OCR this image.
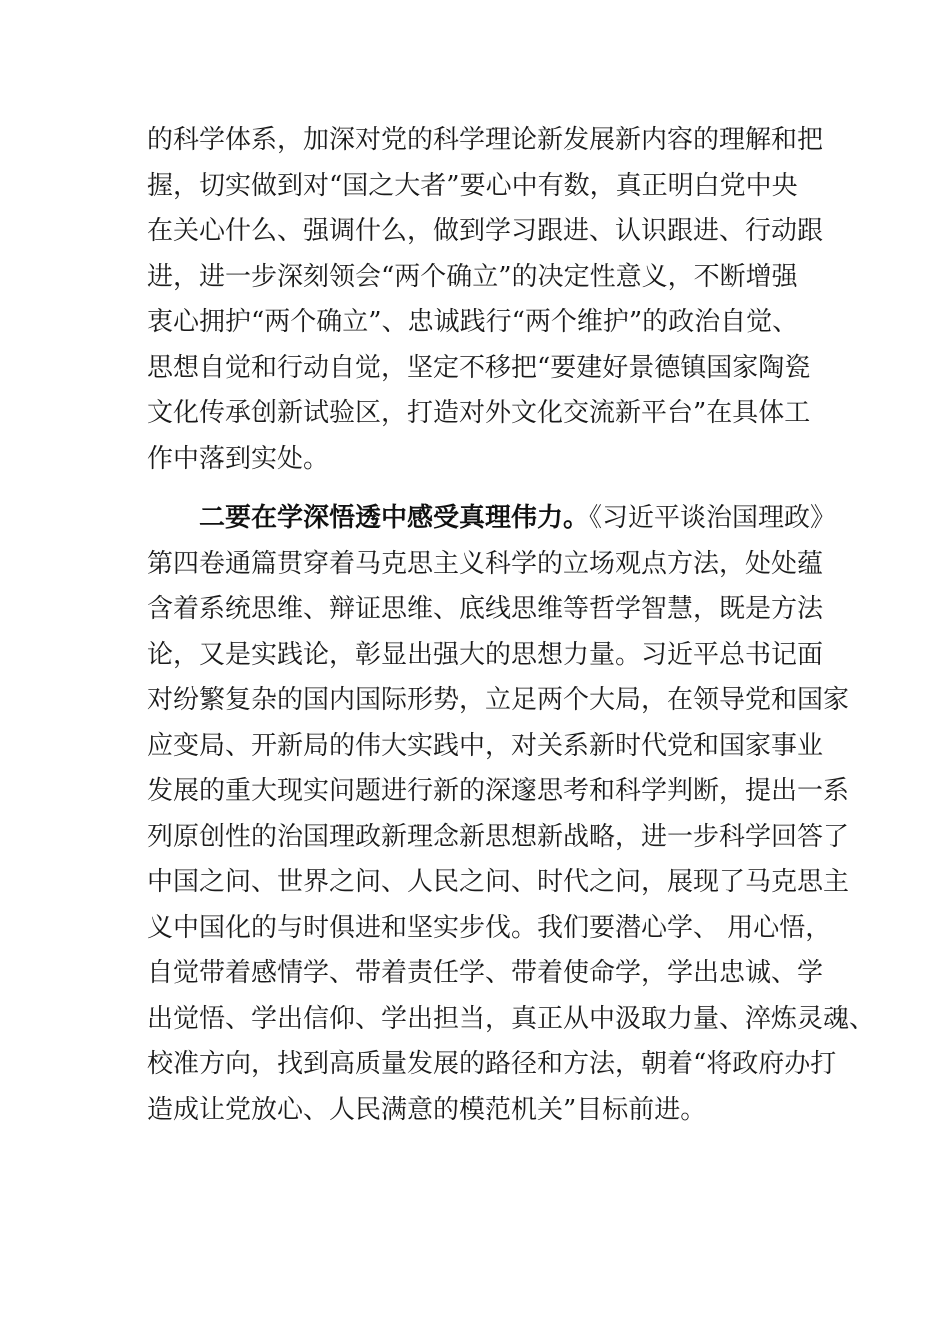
的科学体系，加深对党的科学理论新发展新内容的理解和把
握，切实做到对“国之大者”要心中有数，真正明白党中央
在关心什么、强调什么，做到学习跟进、认识跟进、行动跟
进，进一步深刻领会“两个确立”的决定性意义，不断增强
衷心拥护“两个确立”、忠诚践行“两个维护”的政治自觉、
思想自觉和行动自觉，坚定不移把“要建好景德镇国家陶瓷
文化传承创新试验区，打造对外文化交流新平台”在具体工
作中落到实处。
二要在学深悟透中感受真理伟力。《习近平谈治国理政》
第四卷通篇贯穿着马克思主义科学的立场观点方法，处处蕴
含着系统思维、辩证思维、底线思维等哲学智慧，既是方法
论，又是实践论，彰显出强大的思想力量。习近平总书记面
对纷繁复杂的国内国际形势，立足两个大局，在领导党和国家
应变局、开新局的伟大实践中，对关系新时代党和国家事业
发展的重大现实问题进行新的深邃思考和科学判断，提出一系
列原创性的治国理政新理念新思想新战略，进一步科学回答了
中国之问、世界之问、人民之问、时代之问，展现了马克思主
义中国化的与时俱进和坚实步伐。我们要潜心学、 用心悟，
自觉带着感情学、带着责任学、带着使命学，学出忠诚、学
出觉悟、学出信仰、学出担当，真正从中汲取力量、淬炼灵魂、
校准方向，找到高质量发展的路径和方法，朝着“将政府办打
造成让党放心、人民满意的模范机关”目标前进。
